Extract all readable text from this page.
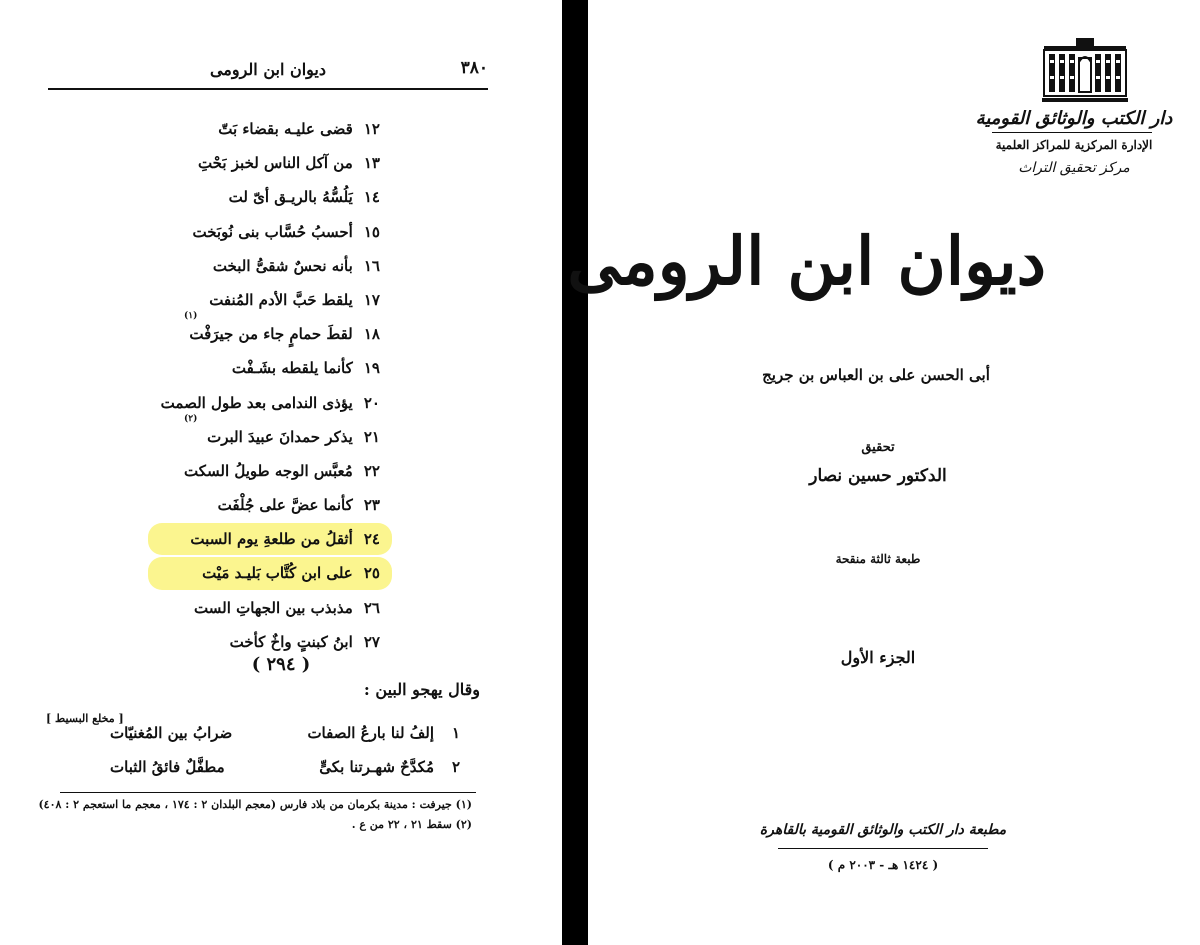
ديوان ابن الرومى	٣٨٠
١٢ قضى عليـه بقضاء بَتّ
١٣ من آكل الناس لخبز بَحْتِ
١٤ يَلُسُّهُ بالريـق أىّ لت
١٥ أحسبُ حُسَّاب بنى نُوبَخت
١٦ بأنه نحسٌ شقىُّ البخت
١٧ يلقط حَبَّ الأدم المُنفت
١٨ لقطَ حمامٍ جاء من جيرَفْت
(١)
١٩ كأنما يلقطه بشَـفْت
٢٠ يؤذى الندامى بعد طول الصمت
٢١ يذكر حمدانَ عبيدَ البرت
(٢)
٢٢ مُعبَّس الوجه طويلُ السكت
٢٣ كأنما عضَّ على جُلْفَت
٢٤ أثقلُ من طلعةِ يوم السبت
٢٥ على ابن كُتَّاب بَليـد مَيْت
٢٦ مذبذب بين الجهاتِ الست
٢٧ ابنُ كبنتٍ واخٌ كأخت
( ٢٩٤ )
وقال يهجو البين :
[ مخلع البسيط ]
١
إلفُ لنا بارعُ الصفات
ضرابُ بين المُغنيّات
٢
مُكدَّحٌ شهـرتنا بكىٍّ
مطفَّلٌ فائقُ الثبات
(١) جيرفت : مدينة بكرمان من بلاد فارس (معجم البلدان ٢ : ١٧٤ ، معجم ما استعجم ٢ : ٤٠٨)
(٢) سقط ٢١ ، ٢٢ من ع .
دار الكتب والوثائق القومية
الإدارة المركزية للمراكز العلمية
مركز تحقيق التراث
ديوان ابن الرومى
أبى الحسن على بن العباس بن جريج
تحقيق
الدكتور حسين نصار
طبعة ثالثة منقحة
الجزء الأول
مطبعة دار الكتب والوثائق القومية بالقاهرة
( ١٤٢٤ هـ - ٢٠٠٣ م )
